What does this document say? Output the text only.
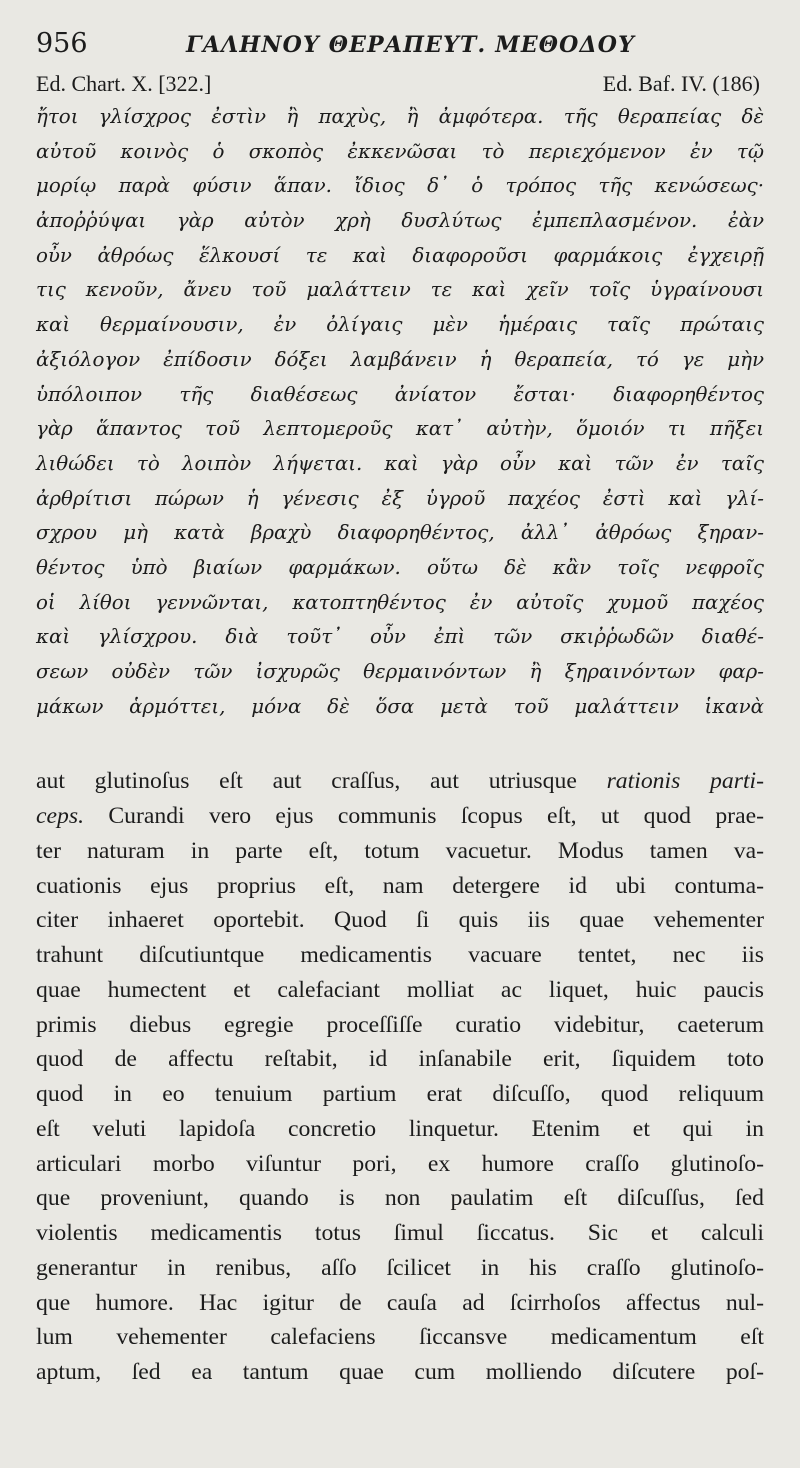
956	ΓΑΛΗΝΟΥ ΘΕΡΑΠΕΥΤ. ΜΕΘΟΔΟΥ
Ed. Chart. X. [322.]	Ed. Baf. IV. (186)
ἤτοι γλίσχρος ἐστὶν ἢ παχὺς, ἢ ἀμφότερα. τῆς θεραπείας δὲ
αὐτοῦ κοινὸς ὁ σκοπὸς ἐκκενῶσαι τὸ περιεχόμενον ἐν τῷ
μορίῳ παρὰ φύσιν ἅπαν. ἴδιος δ᾽ ὁ τρόπος τῆς κενώσεως·
ἀποῤῥύψαι γὰρ αὐτὸν χρὴ δυσλύτως ἐμπεπλασμένον. ἐὰν
οὖν ἀθρόως ἕλκουσί τε καὶ διαφοροῦσι φαρμάκοις ἐγχειρῇ
τις κενοῦν, ἄνευ τοῦ μαλάττειν τε καὶ χεῖν τοῖς ὑγραίνουσι
καὶ θερμαίνουσιν, ἐν ὀλίγαις μὲν ἡμέραις ταῖς πρώταις
ἀξιόλογον ἐπίδοσιν δόξει λαμβάνειν ἡ θεραπεία, τό γε μὴν
ὑπόλοιπον τῆς διαθέσεως ἀνίατον ἔσται· διαφορηθέντος
γὰρ ἅπαντος τοῦ λεπτομεροῦς κατ᾽ αὐτὴν, ὅμοιόν τι πῆξει
λιθώδει τὸ λοιπὸν λήψεται. καὶ γὰρ οὖν καὶ τῶν ἐν ταῖς
ἀρθρίτισι πώρων ἡ γένεσις ἐξ ὑγροῦ παχέος ἐστὶ καὶ γλί-
σχρου μὴ κατὰ βραχὺ διαφορηθέντος, ἀλλ᾽ ἀθρόως ξηραν-
θέντος ὑπὸ βιαίων φαρμάκων. οὕτω δὲ κἂν τοῖς νεφροῖς
οἱ λίθοι γεννῶνται, κατοπτηθέντος ἐν αὐτοῖς χυμοῦ παχέος
καὶ γλίσχρου. διὰ τοῦτ᾽ οὖν ἐπὶ τῶν σκιῤῥωδῶν διαθέ-
σεων οὐδὲν τῶν ἰσχυρῶς θερμαινόντων ἢ ξηραινόντων φαρ-
μάκων ἁρμόττει, μόνα δὲ ὅσα μετὰ τοῦ μαλάττειν ἱκανὰ
aut glutinoſus eſt aut craſſus, aut utriusque rationis parti-
ceps. Curandi vero ejus communis ſcopus eſt, ut quod prae-
ter naturam in parte eſt, totum vacuetur. Modus tamen va-
cuationis ejus proprius eſt, nam detergere id ubi contuma-
citer inhaeret oportebit. Quod ſi quis iis quae vehementer
trahunt diſcutiuntque medicamentis vacuare tentet, nec iis
quae humectent et calefaciant molliat ac liquet, huic paucis
primis diebus egregie proceſſiſſe curatio videbitur, caeterum
quod de affectu reſtabit, id inſanabile erit, ſiquidem toto
quod in eo tenuium partium erat diſcuſſo, quod reliquum
eſt veluti lapidoſa concretio linquetur. Etenim et qui in
articulari morbo viſuntur pori, ex humore craſſo glutinoſo-
que proveniunt, quando is non paulatim eſt diſcuſſus, ſed
violentis medicamentis totus ſimul ſiccatus. Sic et calculi
generantur in renibus, aſſo ſcilicet in his craſſo glutinoſo-
que humore. Hac igitur de cauſa ad ſcirrhoſos affectus nul-
lum vehementer calefaciens ſiccansve medicamentum eſt
aptum, ſed ea tantum quae cum molliendo diſcutere poſ-
